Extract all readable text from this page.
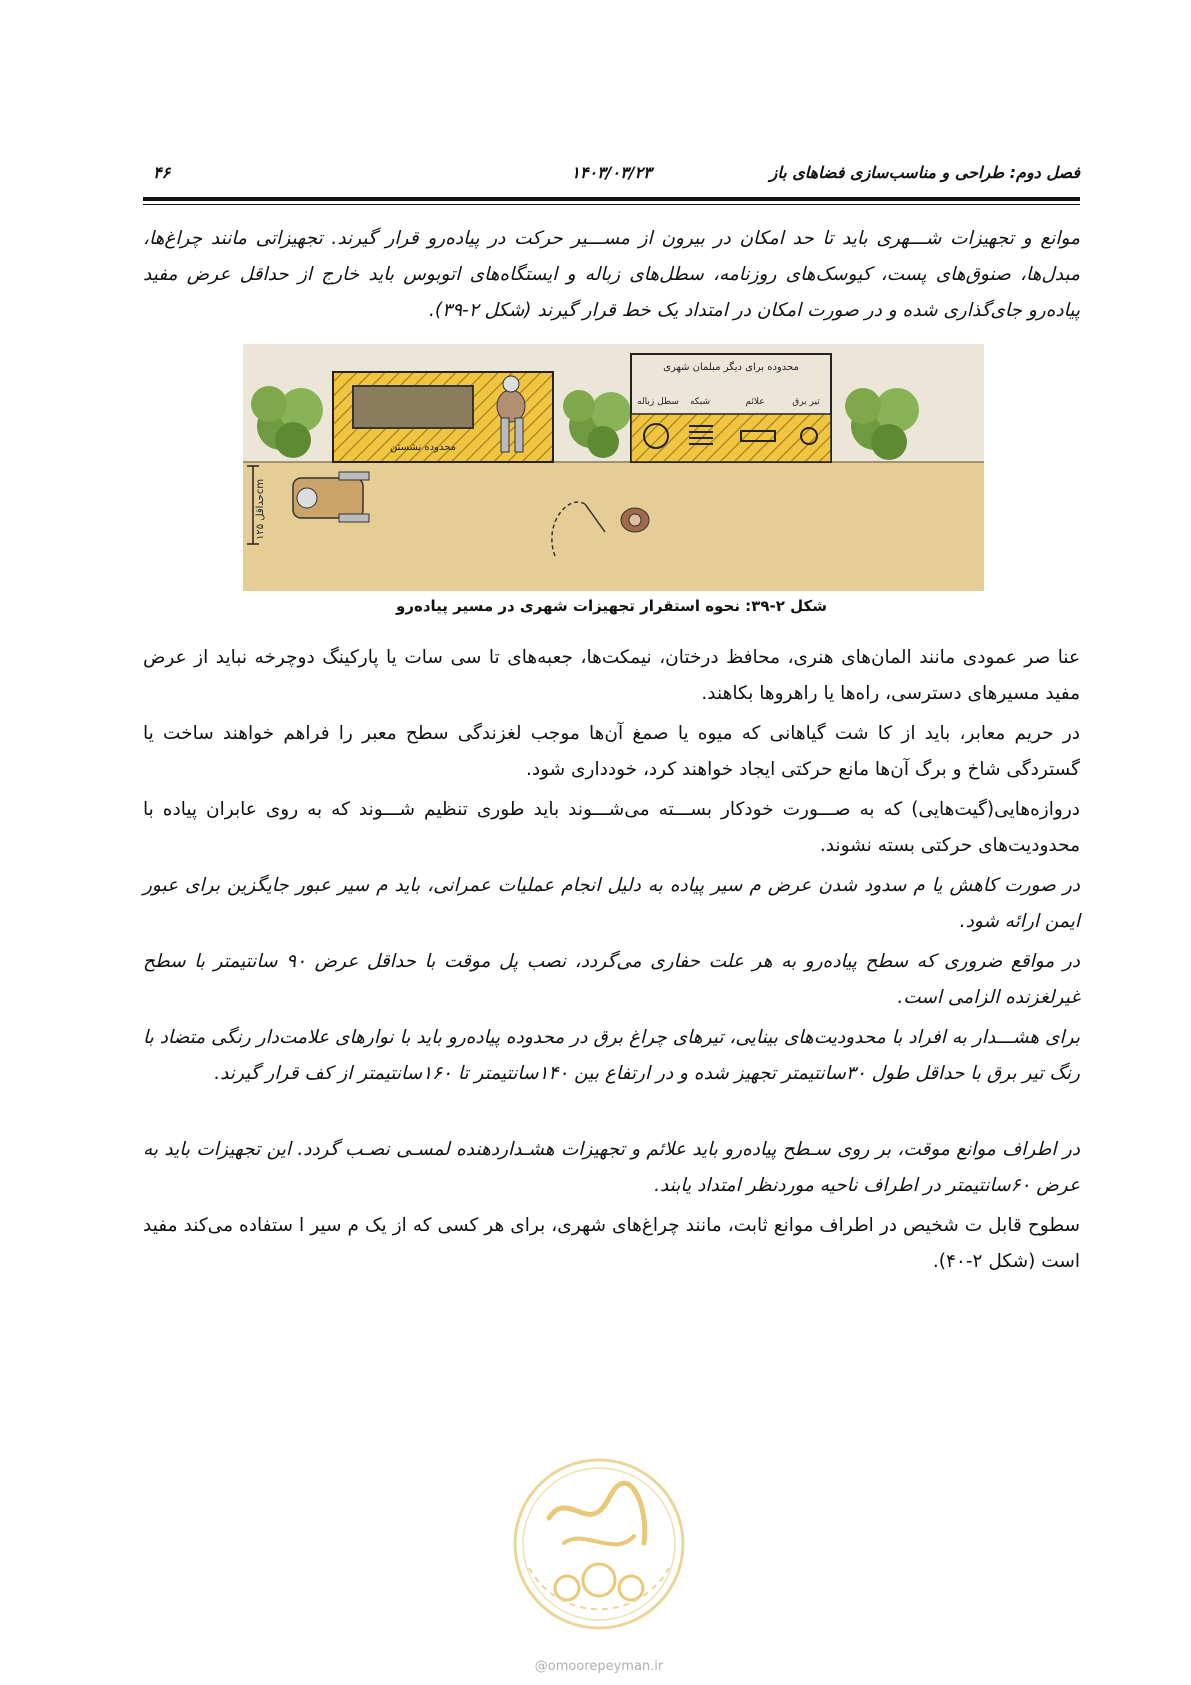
فصل دوم: طراحی و مناسب‌سازی فضاهای باز
۱۴۰۳/۰۳/۲۳
۴۶

موانع و تجهیزات شـــهری باید تا حد امکان در بیرون از مســـیر حرکت در پیاده‌رو قرار گیرند. تجهیزاتی مانند چراغ‌ها، مبدل‌ها، صنوق‌های پست، کیوسک‌های روزنامه، سطل‌های زباله و ایستگاه‌های اتوبوس باید خارج از حداقل عرض مفید پیاده‌رو جای‌گذاری شده و در صورت امکان در امتداد یک خط قرار گیرند (شکل ۲-۳۹).

محدوده نشستن
محدوده برای دیگر مبلمان شهری
سطل زباله شبکه	علائم	تیر برق
حداقل ۱۲۵cm
شکل ۲-۳۹: نحوه استقرار تجهیزات شهری در مسیر پیاده‌رو

عنا صر عمودی مانند المان‌های هنری، محافظ درختان، نیمکت‌ها، جعبه‌های تا سی سات یا پارکینگ دوچرخه نباید از عرض مفید مسیرهای دسترسی، راه‌ها یا راهروها بکاهند.

در حریم معابر، باید از کا شت گیاهانی که میوه یا صمغ آن‌ها موجب لغزندگی سطح معبر را فراهم خواهند ساخت یا گستردگی شاخ و برگ آن‌ها مانع حرکتی ایجاد خواهند کرد، خودداری شود.

دروازه‌هایی(گیت‌هایی) که به صـــورت خودکار بســـته می‌شـــوند باید طوری تنظیم شـــوند که به روی عابران پیاده با محدودیت‌های حرکتی بسته نشوند.

در صورت کاهش یا م سدود شدن عرض م سیر پیاده به دلیل انجام عملیات عمرانی، باید م سیر عبور جایگزین برای عبور ایمن ارائه شود.

در مواقع ضروری که سطح پیاده‌رو به هر علت حفاری می‌گردد، نصب پل موقت با حداقل عرض ۹۰ سانتیمتر با سطح غیرلغزنده الزامی است.

برای هشـــدار به افراد با محدودیت‌های بینایی، تیرهای چراغ برق در محدوده پیاده‌رو باید با نوارهای علامت‌دار رنگی متضاد با رنگ تیر برق با حداقل طول ۳۰سانتیمتر تجهیز شده و در ارتفاع بین ۱۴۰سانتیمتر تا ۱۶۰سانتیمتر از کف قرار گیرند.

در اطراف موانع موقت، بر روی سـطح پیاده‌رو باید علائم و تجهیزات هشـداردهنده لمسـی نصـب گردد. این تجهیزات باید به عرض ۶۰سانتیمتر در اطراف ناحیه موردنظر امتداد یابند.

سطوح قابل ت شخیص در اطراف موانع ثابت، مانند چراغ‌های شهری، برای هر کسی که از یک م سیر ا ستفاده می‌کند مفید است (شکل ۲-۴۰).

@omoorepeyman.ir
